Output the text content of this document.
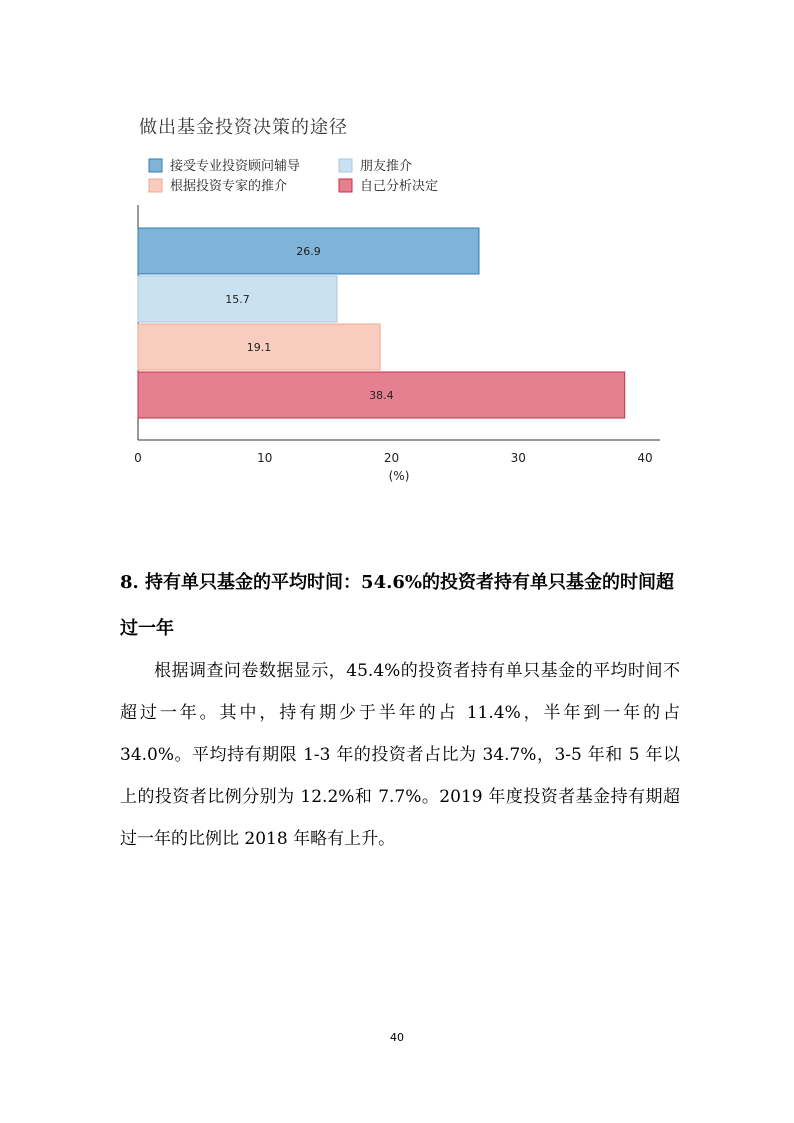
做出基金投资决策的途径
接受专业投资顾问辅导	朋友推介
根据投资专家的推介	自己分析决定
26.9
15.7
19.1
38.4
0	10	20	30	40
(%)

8. 持有单只基金的平均时间：54.6%的投资者持有单只基金的时间超过一年

根据调查问卷数据显示，45.4%的投资者持有单只基金的平均时间不超过一年。其中，持有期少于半年的占 11.4%，半年到一年的占 34.0%。平均持有期限 1-3 年的投资者占比为 34.7%，3-5 年和 5 年以上的投资者比例分别为 12.2%和 7.7%。2019 年度投资者基金持有期超过一年的比例比 2018 年略有上升。

40
